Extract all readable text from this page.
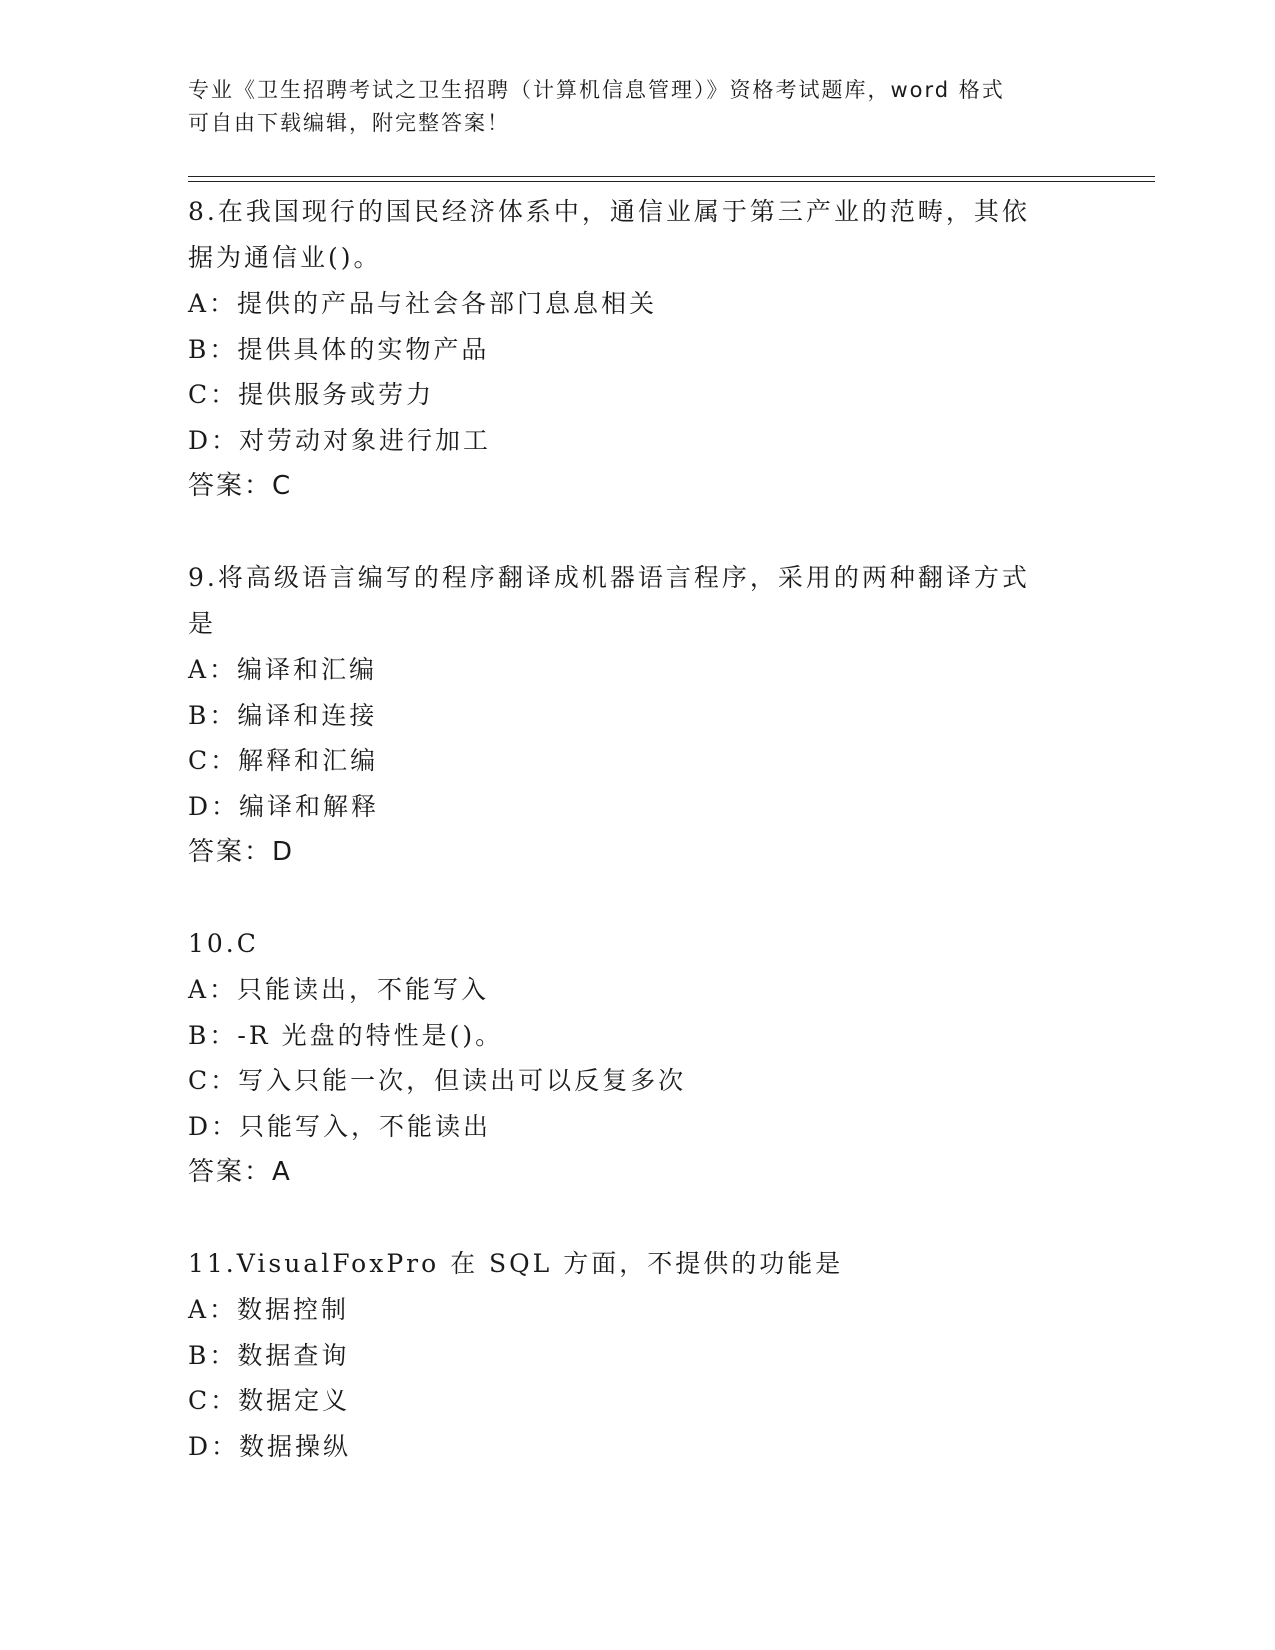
专业《卫生招聘考试之卫生招聘（计算机信息管理）》资格考试题库，word 格式
可自由下载编辑，附完整答案！
8.在我国现行的国民经济体系中，通信业属于第三产业的范畴，其依
据为通信业()。
A：提供的产品与社会各部门息息相关
B：提供具体的实物产品
C：提供服务或劳力
D：对劳动对象进行加工
答案：C
9.将高级语言编写的程序翻译成机器语言程序，采用的两种翻译方式
是
A：编译和汇编
B：编译和连接
C：解释和汇编
D：编译和解释
答案：D
10.C
A：只能读出，不能写入
B：-R 光盘的特性是()。
C：写入只能一次，但读出可以反复多次
D：只能写入，不能读出
答案：A
11.VisualFoxPro 在 SQL 方面，不提供的功能是
A：数据控制
B：数据查询
C：数据定义
D：数据操纵
